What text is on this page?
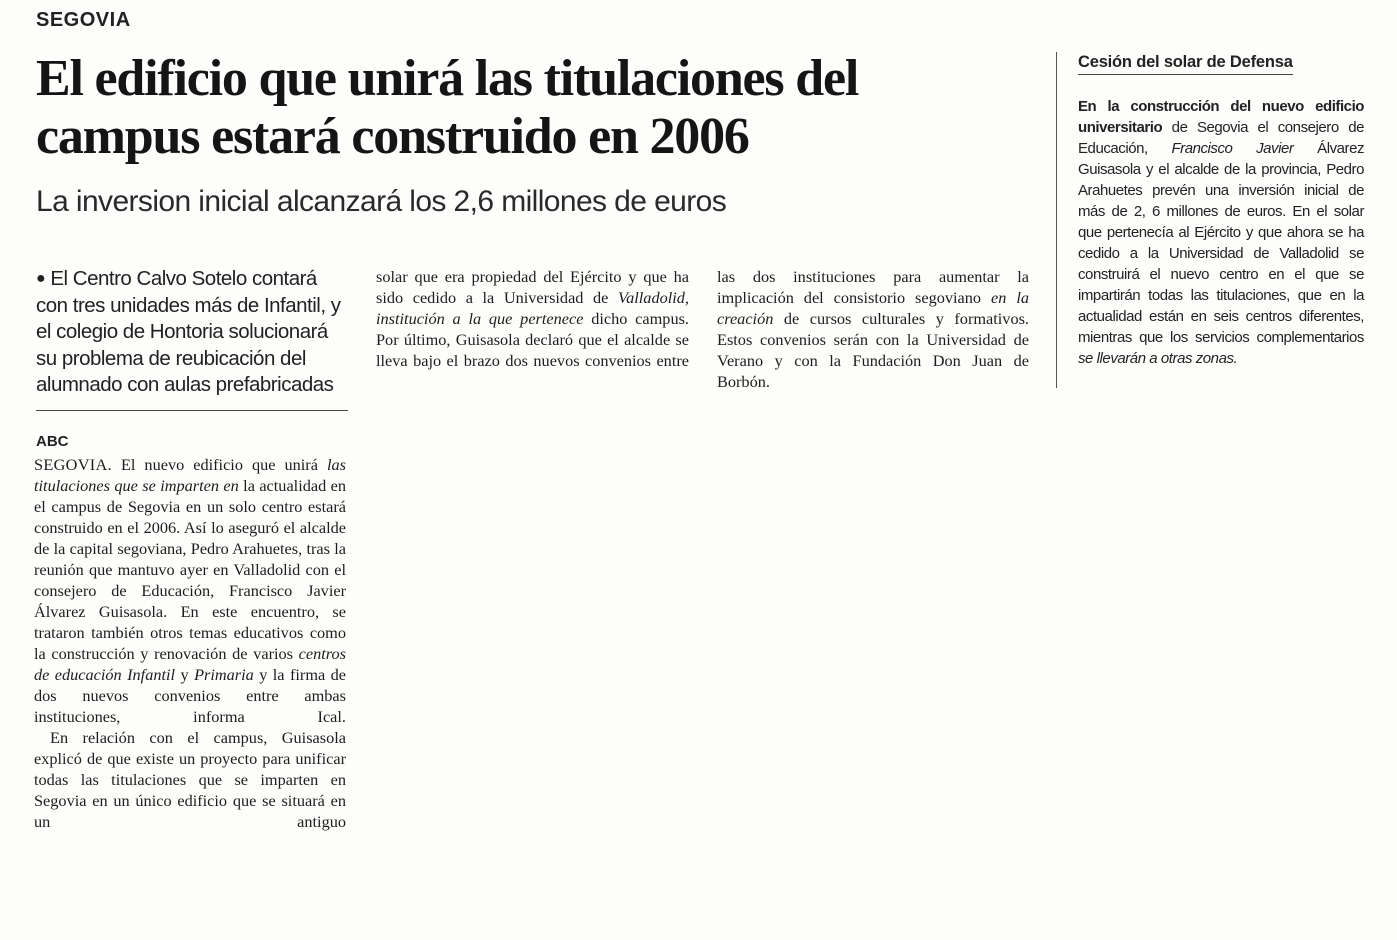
SEGOVIA
El edificio que unirá las titulaciones del campus estará construido en 2006
La inversion inicial alcanzará los 2,6 millones de euros
● El Centro Calvo Sotelo contará con tres unidades más de Infantil, y el colegio de Hontoria solucionará su problema de reubicación del alumnado con aulas prefabricadas
ABC

SEGOVIA. El nuevo edificio que unirá las titulaciones que se imparten en la actualidad en el campus de Segovia en un solo centro estará construido en el 2006. Así lo aseguró el alcalde de la capital segoviana, Pedro Arahuetes, tras la reunión que mantuvo ayer en Valladolid con el consejero de Educación, Francisco Javier Álvarez Guisasola. En este encuentro, se trataron también otros temas educativos como la construcción y renovación de varios centros de educación Infantil y Primaria y la firma de dos nuevos convenios entre ambas instituciones, informa Ical.

En relación con el campus, Guisasola explicó de que existe un proyecto para unificar todas las titulaciones que se imparten en Segovia en un único edificio que se situará en un antiguo

solar que era propiedad del Ejército y que ha sido cedido a la Universidad de Valladolid, institución a la que pertenece dicho campus. Por último, Guisasola declaró que el alcalde se lleva bajo el brazo dos nuevos convenios entre

las dos instituciones para aumentar la implicación del consistorio segoviano en la creación de cursos culturales y formativos. Estos convenios serán con la Universidad de Verano y con la Fundación Don Juan de Borbón.

Cesión del solar de Defensa

En la construcción del nuevo edificio universitario de Segovia el consejero de Educación, Francisco Javier Álvarez Guisasola y el alcalde de la provincia, Pedro Arahuetes prevén una inversión inicial de más de 2, 6 millones de euros. En el solar que pertenecía al Ejército y que ahora se ha cedido a la Universidad de Valladolid se construirá el nuevo centro en el que se impartirán todas las titulaciones, que en la actualidad están en seis centros diferentes, mientras que los servicios complementarios se llevarán a otras zonas.
